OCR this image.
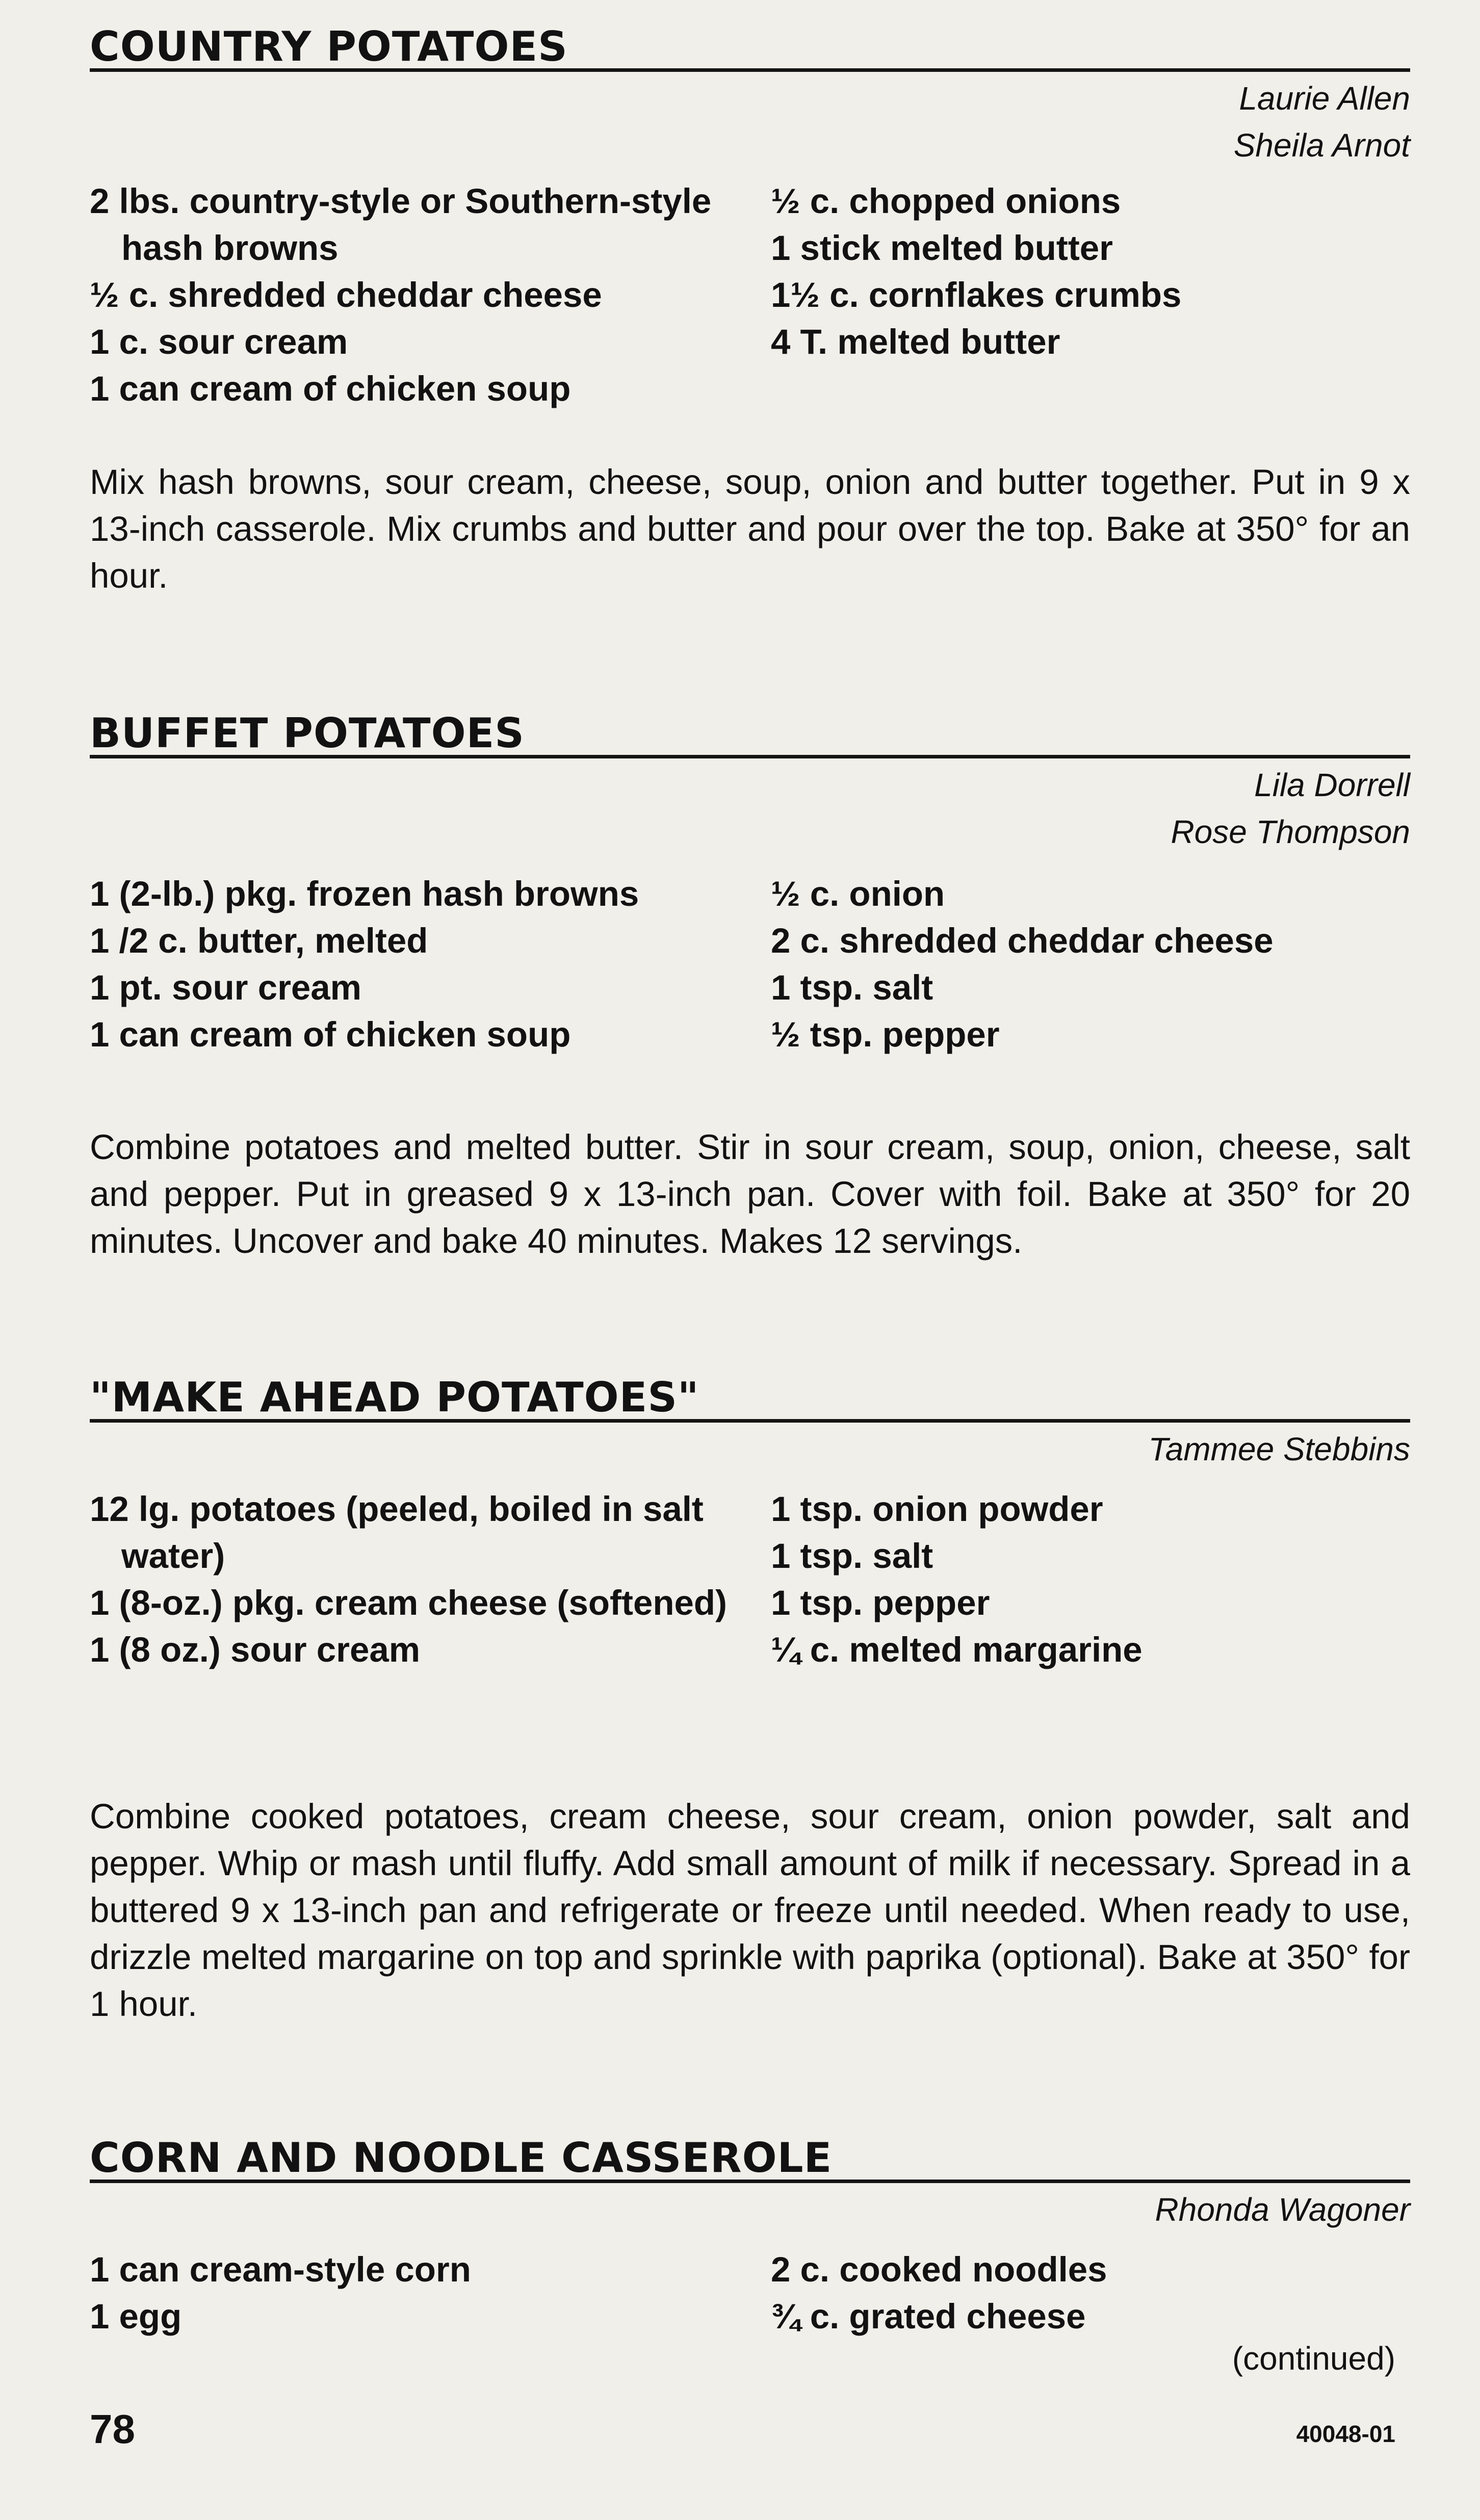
COUNTRY POTATOES
Laurie Allen
Sheila Arnot
2 lbs. country-style or Southern-style hash browns
½ c. shredded cheddar cheese
1 c. sour cream
1 can cream of chicken soup
½ c. chopped onions
1 stick melted butter
1½ c. cornflakes crumbs
4 T. melted butter

Mix hash browns, sour cream, cheese, soup, onion and butter together. Put in 9 x 13-inch casserole. Mix crumbs and butter and pour over the top. Bake at 350° for an hour.

BUFFET POTATOES
Lila Dorrell
Rose Thompson
1 (2-lb.) pkg. frozen hash browns
1 /2 c. butter, melted
1 pt. sour cream
1 can cream of chicken soup
½ c. onion
2 c. shredded cheddar cheese
1 tsp. salt
½ tsp. pepper

Combine potatoes and melted butter. Stir in sour cream, soup, onion, cheese, salt and pepper. Put in greased 9 x 13-inch pan. Cover with foil. Bake at 350° for 20 minutes. Uncover and bake 40 minutes. Makes 12 servings.

"MAKE AHEAD POTATOES"
Tammee Stebbins
12 lg. potatoes (peeled, boiled in salt water)
1 (8-oz.) pkg. cream cheese (softened)
1 (8 oz.) sour cream
1 tsp. onion powder
1 tsp. salt
1 tsp. pepper
¼ c. melted margarine

Combine cooked potatoes, cream cheese, sour cream, onion powder, salt and pepper. Whip or mash until fluffy. Add small amount of milk if necessary. Spread in a buttered 9 x 13-inch pan and refrigerate or freeze until needed. When ready to use, drizzle melted margarine on top and sprinkle with paprika (optional). Bake at 350° for 1 hour.

CORN AND NOODLE CASSEROLE
Rhonda Wagoner
1 can cream-style corn
1 egg
2 c. cooked noodles
¾ c. grated cheese
(continued)
78	40048-01
